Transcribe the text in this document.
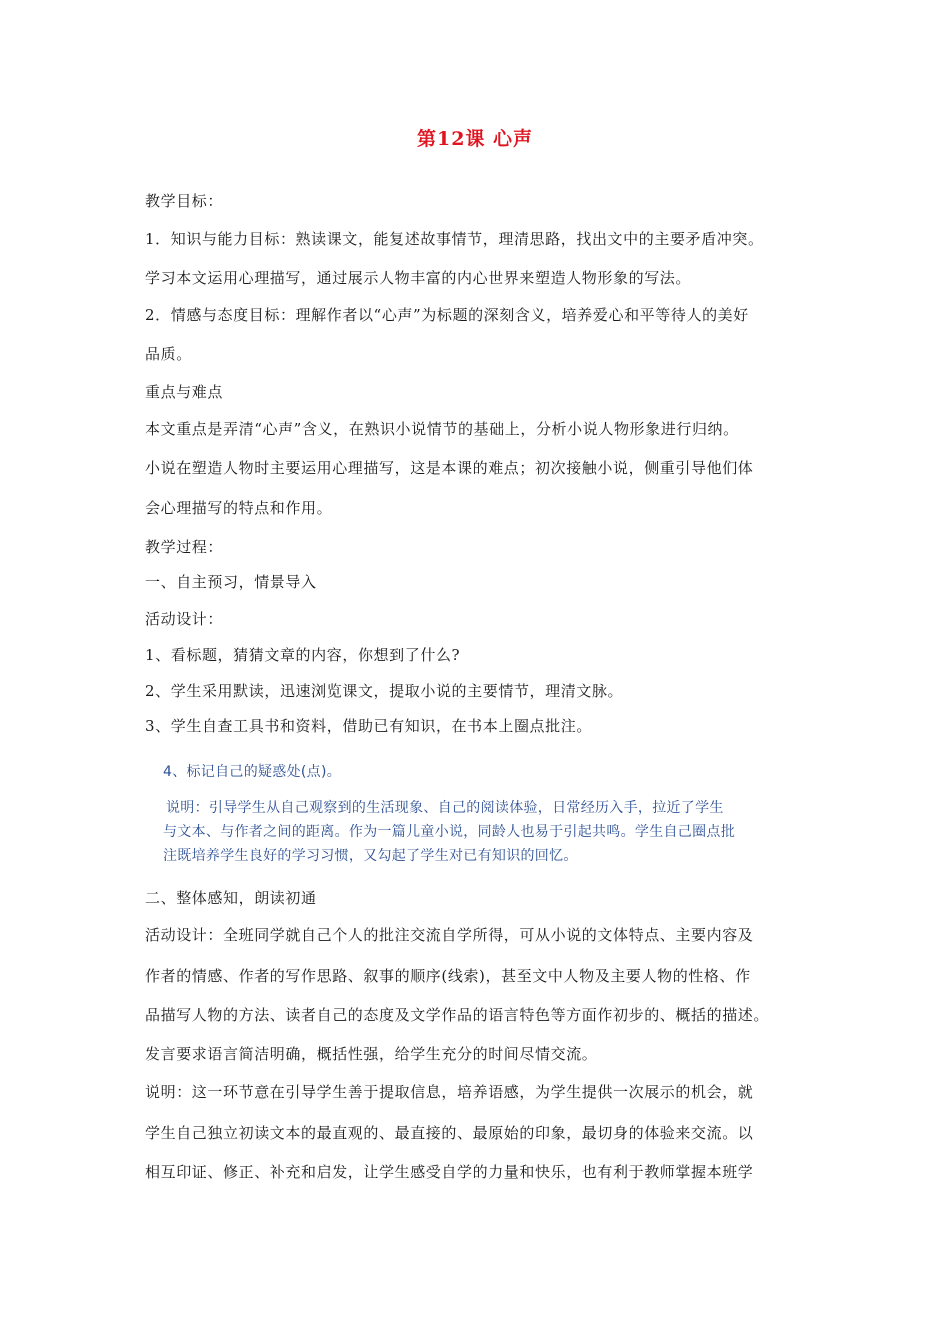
第12课 心声
教学目标：
1．知识与能力目标：熟读课文，能复述故事情节，理清思路，找出文中的主要矛盾冲突。
学习本文运用心理描写，通过展示人物丰富的内心世界来塑造人物形象的写法。
2．情感与态度目标：理解作者以“心声”为标题的深刻含义，培养爱心和平等待人的美好
品质。
重点与难点
本文重点是弄清“心声”含义，在熟识小说情节的基础上，分析小说人物形象进行归纳。
小说在塑造人物时主要运用心理描写，这是本课的难点；初次接触小说，侧重引导他们体
会心理描写的特点和作用。
教学过程：
一、自主预习，情景导入
活动设计：
1、看标题，猜猜文章的内容，你想到了什么?
2、学生采用默读，迅速浏览课文，提取小说的主要情节，理清文脉。
3、学生自查工具书和资料，借助已有知识，在书本上圈点批注。
4、标记自己的疑惑处(点)。
说明：引导学生从自己观察到的生活现象、自己的阅读体验，日常经历入手，拉近了学生
与文本、与作者之间的距离。作为一篇儿童小说，同龄人也易于引起共鸣。学生自己圈点批
注既培养学生良好的学习习惯，又勾起了学生对已有知识的回忆。
二、整体感知，朗读初通
活动设计：全班同学就自己个人的批注交流自学所得，可从小说的文体特点、主要内容及
作者的情感、作者的写作思路、叙事的顺序(线索)，甚至文中人物及主要人物的性格、作
品描写人物的方法、读者自己的态度及文学作品的语言特色等方面作初步的、概括的描述。
发言要求语言简洁明确，概括性强，给学生充分的时间尽情交流。
说明：这一环节意在引导学生善于提取信息，培养语感，为学生提供一次展示的机会，就
学生自己独立初读文本的最直观的、最直接的、最原始的印象，最切身的体验来交流。以
相互印证、修正、补充和启发，让学生感受自学的力量和快乐，也有利于教师掌握本班学
